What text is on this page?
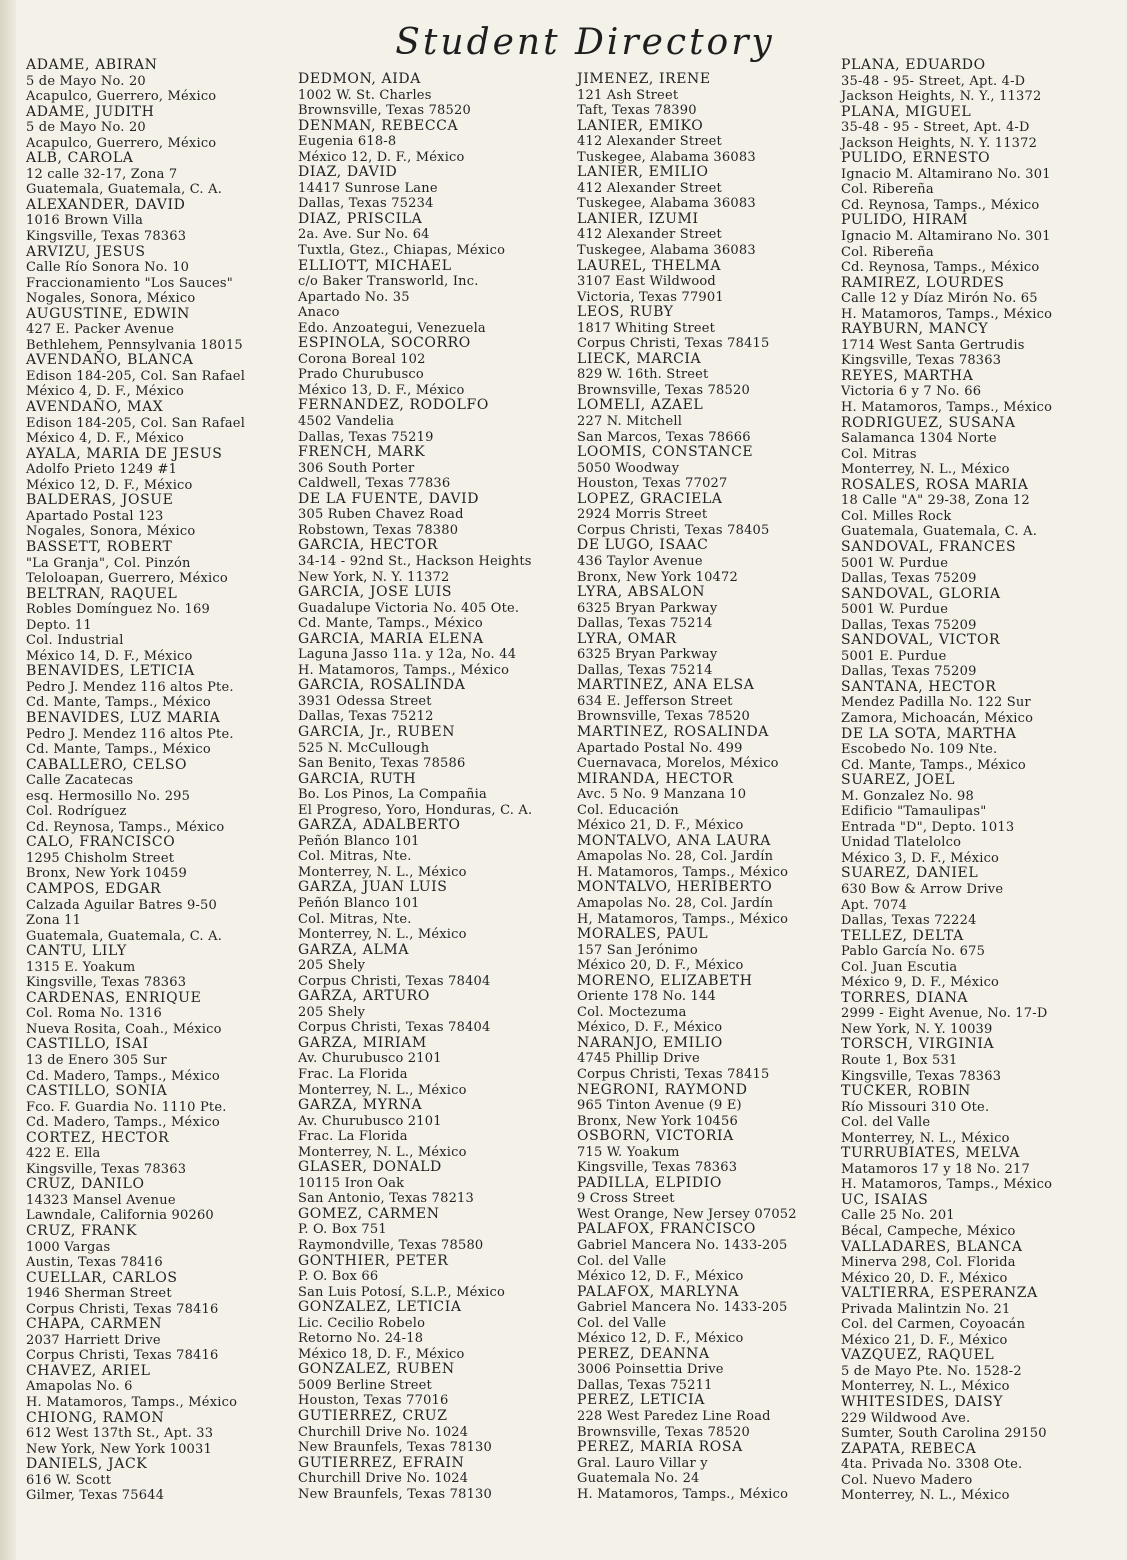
Student Directory
ADAME, ABIRAN
5 de Mayo No. 20
Acapulco, Guerrero, México
ADAME, JUDITH
5 de Mayo No. 20
Acapulco, Guerrero, México
ALB, CAROLA
12 calle 32-17, Zona 7
Guatemala, Guatemala, C. A.
ALEXANDER, DAVID
1016 Brown Villa
Kingsville, Texas 78363
ARVIZU, JESUS
Calle Río Sonora No. 10
Fraccionamiento "Los Sauces"
Nogales, Sonora, México
AUGUSTINE, EDWIN
427 E. Packer Avenue
Bethlehem, Pennsylvania 18015
AVENDAÑO, BLANCA
Edison 184-205, Col. San Rafael
México 4, D. F., México
AVENDAÑO, MAX
Edison 184-205, Col. San Rafael
México 4, D. F., México
AYALA, MARIA DE JESUS
Adolfo Prieto 1249 #1
México 12, D. F., México
BALDERAS, JOSUE
Apartado Postal 123
Nogales, Sonora, México
BASSETT, ROBERT
"La Granja", Col. Pinzón
Teloloapan, Guerrero, México
BELTRAN, RAQUEL
Robles Domínguez No. 169
Depto. 11
Col. Industrial
México 14, D. F., México
BENAVIDES, LETICIA
Pedro J. Mendez 116 altos Pte.
Cd. Mante, Tamps., México
BENAVIDES, LUZ MARIA
Pedro J. Mendez 116 altos Pte.
Cd. Mante, Tamps., México
CABALLERO, CELSO
Calle Zacatecas
esq. Hermosillo No. 295
Col. Rodríguez
Cd. Reynosa, Tamps., México
CALO, FRANCISCO
1295 Chisholm Street
Bronx, New York 10459
CAMPOS, EDGAR
Calzada Aguilar Batres 9-50
Zona 11
Guatemala, Guatemala, C. A.
CANTU, LILY
1315 E. Yoakum
Kingsville, Texas 78363
CARDENAS, ENRIQUE
Col. Roma No. 1316
Nueva Rosita, Coah., México
CASTILLO, ISAI
13 de Enero 305 Sur
Cd. Madero, Tamps., México
CASTILLO, SONIA
Fco. F. Guardia No. 1110 Pte.
Cd. Madero, Tamps., México
CORTEZ, HECTOR
422 E. Ella
Kingsville, Texas 78363
CRUZ, DANILO
14323 Mansel Avenue
Lawndale, California 90260
CRUZ, FRANK
1000 Vargas
Austin, Texas 78416
CUELLAR, CARLOS
1946 Sherman Street
Corpus Christi, Texas 78416
CHAPA, CARMEN
2037 Harriett Drive
Corpus Christi, Texas 78416
CHAVEZ, ARIEL
Amapolas No. 6
H. Matamoros, Tamps., México
CHIONG, RAMON
612 West 137th St., Apt. 33
New York, New York 10031
DANIELS, JACK
616 W. Scott
Gilmer, Texas 75644
DEDMON, AIDA
1002 W. St. Charles
Brownsville, Texas 78520
DENMAN, REBECCA
Eugenia 618-8
México 12, D. F., México
DIAZ, DAVID
14417 Sunrose Lane
Dallas, Texas 75234
DIAZ, PRISCILA
2a. Ave. Sur No. 64
Tuxtla, Gtez., Chiapas, México
ELLIOTT, MICHAEL
c/o Baker Transworld, Inc.
Apartado No. 35
Anaco
Edo. Anzoategui, Venezuela
ESPINOLA, SOCORRO
Corona Boreal 102
Prado Churubusco
México 13, D. F., México
FERNANDEZ, RODOLFO
4502 Vandelia
Dallas, Texas 75219
FRENCH, MARK
306 South Porter
Caldwell, Texas 77836
DE LA FUENTE, DAVID
305 Ruben Chavez Road
Robstown, Texas 78380
GARCIA, HECTOR
34-14 - 92nd St., Hackson Heights
New York, N. Y. 11372
GARCIA, JOSE LUIS
Guadalupe Victoria No. 405 Ote.
Cd. Mante, Tamps., México
GARCIA, MARIA ELENA
Laguna Jasso 11a. y 12a, No. 44
H. Matamoros, Tamps., México
GARCIA, ROSALINDA
3931 Odessa Street
Dallas, Texas 75212
GARCIA, Jr., RUBEN
525 N. McCullough
San Benito, Texas 78586
GARCIA, RUTH
Bo. Los Pinos, La Compañia
El Progreso, Yoro, Honduras, C. A.
GARZA, ADALBERTO
Peñón Blanco 101
Col. Mitras, Nte.
Monterrey, N. L., México
GARZA, JUAN LUIS
Peñón Blanco 101
Col. Mitras, Nte.
Monterrey, N. L., México
GARZA, ALMA
205 Shely
Corpus Christi, Texas 78404
GARZA, ARTURO
205 Shely
Corpus Christi, Texas 78404
GARZA, MIRIAM
Av. Churubusco 2101
Frac. La Florida
Monterrey, N. L., México
GARZA, MYRNA
Av. Churubusco 2101
Frac. La Florida
Monterrey, N. L., México
GLASER, DONALD
10115 Iron Oak
San Antonio, Texas 78213
GOMEZ, CARMEN
P. O. Box 751
Raymondville, Texas 78580
GONTHIER, PETER
P. O. Box 66
San Luis Potosí, S.L.P., México
GONZALEZ, LETICIA
Lic. Cecilio Robelo
Retorno No. 24-18
México 18, D. F., México
GONZALEZ, RUBEN
5009 Berline Street
Houston, Texas 77016
GUTIERREZ, CRUZ
Churchill Drive No. 1024
New Braunfels, Texas 78130
GUTIERREZ, EFRAIN
Churchill Drive No. 1024
New Braunfels, Texas 78130
JIMENEZ, IRENE
121 Ash Street
Taft, Texas 78390
LANIER, EMIKO
412 Alexander Street
Tuskegee, Alabama 36083
LANIER, EMILIO
412 Alexander Street
Tuskegee, Alabama 36083
LANIER, IZUMI
412 Alexander Street
Tuskegee, Alabama 36083
LAUREL, THELMA
3107 East Wildwood
Victoria, Texas 77901
LEOS, RUBY
1817 Whiting Street
Corpus Christi, Texas 78415
LIECK, MARCIA
829 W. 16th. Street
Brownsville, Texas 78520
LOMELI, AZAEL
227 N. Mitchell
San Marcos, Texas 78666
LOOMIS, CONSTANCE
5050 Woodway
Houston, Texas 77027
LOPEZ, GRACIELA
2924 Morris Street
Corpus Christi, Texas 78405
DE LUGO, ISAAC
436 Taylor Avenue
Bronx, New York 10472
LYRA, ABSALON
6325 Bryan Parkway
Dallas, Texas 75214
LYRA, OMAR
6325 Bryan Parkway
Dallas, Texas 75214
MARTINEZ, ANA ELSA
634 E. Jefferson Street
Brownsville, Texas 78520
MARTINEZ, ROSALINDA
Apartado Postal No. 499
Cuernavaca, Morelos, México
MIRANDA, HECTOR
Avc. 5 No. 9 Manzana 10
Col. Educación
México 21, D. F., México
MONTALVO, ANA LAURA
Amapolas No. 28, Col. Jardín
H. Matamoros, Tamps., México
MONTALVO, HERIBERTO
Amapolas No. 28, Col. Jardín
H, Matamoros, Tamps., México
MORALES, PAUL
157 San Jerónimo
México 20, D. F., México
MORENO, ELIZABETH
Oriente 178 No. 144
Col. Moctezuma
México, D. F., México
NARANJO, EMILIO
4745 Phillip Drive
Corpus Christi, Texas 78415
NEGRONI, RAYMOND
965 Tinton Avenue (9 E)
Bronx, New York 10456
OSBORN, VICTORIA
715 W. Yoakum
Kingsville, Texas 78363
PADILLA, ELPIDIO
9 Cross Street
West Orange, New Jersey 07052
PALAFOX, FRANCISCO
Gabriel Mancera No. 1433-205
Col. del Valle
México 12, D. F., México
PALAFOX, MARLYNA
Gabriel Mancera No. 1433-205
Col. del Valle
México 12, D. F., México
PEREZ, DEANNA
3006 Poinsettia Drive
Dallas, Texas 75211
PEREZ, LETICIA
228 West Paredez Line Road
Brownsville, Texas 78520
PEREZ, MARIA ROSA
Gral. Lauro Villar y
Guatemala No. 24
H. Matamoros, Tamps., México
PLANA, EDUARDO
35-48 - 95- Street, Apt. 4-D
Jackson Heights, N. Y., 11372
PLANA, MIGUEL
35-48 - 95 - Street, Apt. 4-D
Jackson Heights, N. Y. 11372
PULIDO, ERNESTO
Ignacio M. Altamirano No. 301
Col. Ribereña
Cd. Reynosa, Tamps., México
PULIDO, HIRAM
Ignacio M. Altamirano No. 301
Col. Ribereña
Cd. Reynosa, Tamps., México
RAMIREZ, LOURDES
Calle 12 y Díaz Mirón No. 65
H. Matamoros, Tamps., México
RAYBURN, MANCY
1714 West Santa Gertrudis
Kingsville, Texas 78363
REYES, MARTHA
Victoria 6 y 7 No. 66
H. Matamoros, Tamps., México
RODRIGUEZ, SUSANA
Salamanca 1304 Norte
Col. Mitras
Monterrey, N. L., México
ROSALES, ROSA MARIA
18 Calle "A" 29-38, Zona 12
Col. Milles Rock
Guatemala, Guatemala, C. A.
SANDOVAL, FRANCES
5001 W. Purdue
Dallas, Texas 75209
SANDOVAL, GLORIA
5001 W. Purdue
Dallas, Texas 75209
SANDOVAL, VICTOR
5001 E. Purdue
Dallas, Texas 75209
SANTANA, HECTOR
Mendez Padilla No. 122 Sur
Zamora, Michoacán, México
DE LA SOTA, MARTHA
Escobedo No. 109 Nte.
Cd. Mante, Tamps., México
SUAREZ, JOEL
M. Gonzalez No. 98
Edificio "Tamaulipas"
Entrada "D", Depto. 1013
Unidad Tlatelolco
México 3, D. F., México
SUAREZ, DANIEL
630 Bow & Arrow Drive
Apt. 7074
Dallas, Texas 72224
TELLEZ, DELTA
Pablo García No. 675
Col. Juan Escutia
México 9, D. F., México
TORRES, DIANA
2999 - Eight Avenue, No. 17-D
New York, N. Y. 10039
TORSCH, VIRGINIA
Route 1, Box 531
Kingsville, Texas 78363
TUCKER, ROBIN
Río Missouri 310 Ote.
Col. del Valle
Monterrey, N. L., México
TURRUBIATES, MELVA
Matamoros 17 y 18 No. 217
H. Matamoros, Tamps., México
UC, ISAIAS
Calle 25 No. 201
Bécal, Campeche, México
VALLADARES, BLANCA
Minerva 298, Col. Florida
México 20, D. F., México
VALTIERRA, ESPERANZA
Privada Malintzin No. 21
Col. del Carmen, Coyoacán
México 21, D. F., México
VAZQUEZ, RAQUEL
5 de Mayo Pte. No. 1528-2
Monterrey, N. L., México
WHITESIDES, DAISY
229 Wildwood Ave.
Sumter, South Carolina 29150
ZAPATA, REBECA
4ta. Privada No. 3308 Ote.
Col. Nuevo Madero
Monterrey, N. L., México
